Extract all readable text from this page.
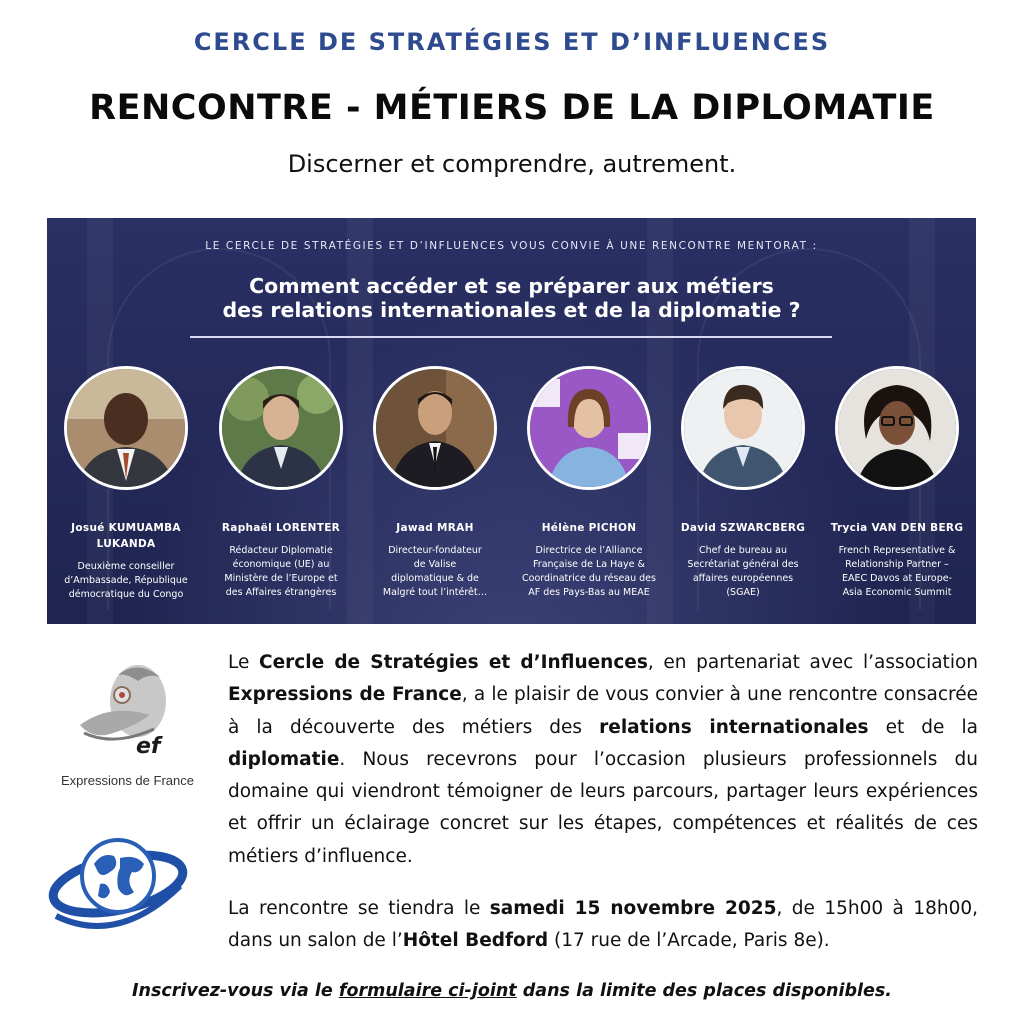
CERCLE DE STRATÉGIES ET D’INFLUENCES
RENCONTRE - MÉTIERS DE LA DIPLOMATIE
Discerner et comprendre, autrement.
LE CERCLE DE STRATÉGIES ET D’INFLUENCES VOUS CONVIE À UNE RENCONTRE MENTORAT :
Comment accéder et se préparer aux métiers
des relations internationales et de la diplomatie ?
Josué KUMUAMBA
LUKANDA
Deuxième conseiller
d’Ambassade, République
démocratique du Congo
Raphaël LORENTER
Rédacteur Diplomatie
économique (UE) au
Ministère de l’Europe et
des Affaires étrangères
Jawad MRAH
Directeur-fondateur
de Valise
diplomatique & de
Malgré tout l’intérêt…
Hélène PICHON
Directrice de l’Alliance
Française de La Haye &
Coordinatrice du réseau des
AF des Pays-Bas au MEAE
David SZWARCBERG
Chef de bureau au
Secrétariat général des
affaires européennes
(SGAE)
Trycia VAN DEN BERG
French Representative &
Relationship Partner –
EAEC Davos at Europe-
Asia Economic Summit
ef
Expressions de France

Le Cercle de Stratégies et d’Influences, en partenariat avec l’association Expressions de France, a le plaisir de vous convier à une rencontre consacrée à la découverte des métiers des relations internationales et de la diplomatie. Nous recevrons pour l’occasion plusieurs professionnels du domaine qui viendront témoigner de leurs parcours, partager leurs expériences et offrir un éclairage concret sur les étapes, compétences et réalités de ces métiers d’influence.

La rencontre se tiendra le samedi 15 novembre 2025, de 15h00 à 18h00, dans un salon de l’Hôtel Bedford (17 rue de l’Arcade, Paris 8e).

Inscrivez-vous via le formulaire ci-joint dans la limite des places disponibles.
